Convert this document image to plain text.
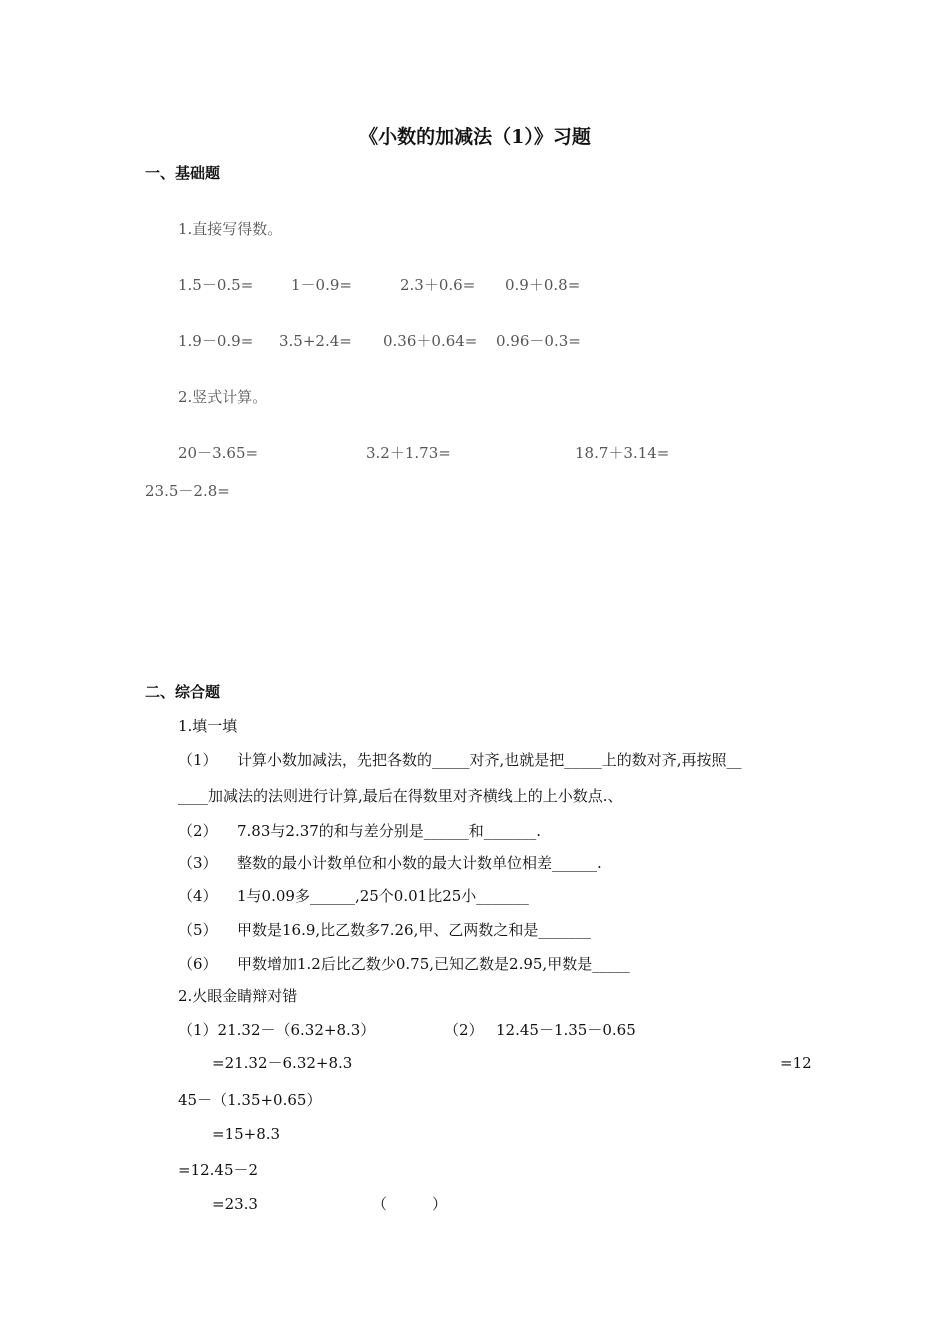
《小数的加减法（1）》习题
一、基础题
1.直接写得数。
1.5－0.5=	1－0.9=	2.3＋0.6= 0.9＋0.8=
1.9－0.9= 3.5+2.4= 0.36＋0.64= 0.96－0.3=
2.竖式计算。
20－3.65=	3.2＋1.73=	18.7＋3.14=
23.5－2.8=
二、综合题
1.填一填
（1） 计算小数加减法，先把各数的_____对齐,也就是把_____上的数对齐,再按照__
____加减法的法则进行计算,最后在得数里对齐横线上的上小数点.、
（2） 7.83与2.37的和与差分别是______和_______.
（3） 整数的最小计数单位和小数的最大计数单位相差______.
（4） 1与0.09多______,25个0.01比25小_______
（5） 甲数是16.9,比乙数多7.26,甲、乙两数之和是_______
（6） 甲数增加1.2后比乙数少0.75,已知乙数是2.95,甲数是_____
2.火眼金睛辩对错
（1）21.32－（6.32+8.3）	（2） 12.45－1.35－0.65
=21.32－6.32+8.3	=12
45－（1.35+0.65）
=15+8.3
=12.45－2
=23.3	（　　　）
